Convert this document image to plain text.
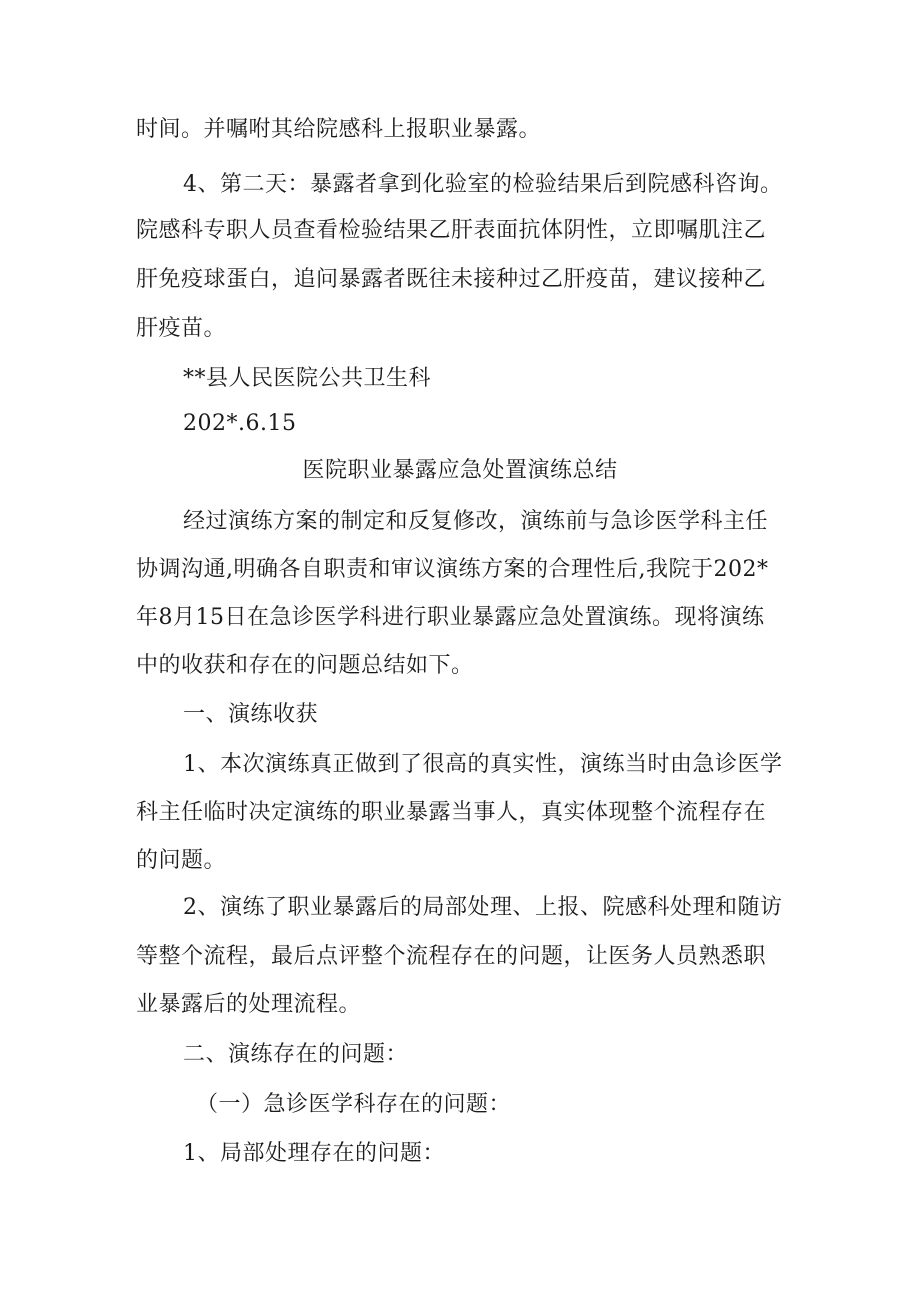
时间。并嘱咐其给院感科上报职业暴露。
4、第二天：暴露者拿到化验室的检验结果后到院感科咨询。
院感科专职人员查看检验结果乙肝表面抗体阴性，立即嘱肌注乙
肝免疫球蛋白，追问暴露者既往未接种过乙肝疫苗，建议接种乙
肝疫苗。
**县人民医院公共卫生科
202*.6.15
医院职业暴露应急处置演练总结
经过演练方案的制定和反复修改，演练前与急诊医学科主任
协调沟通,明确各自职责和审议演练方案的合理性后,我院于202*
年8月15日在急诊医学科进行职业暴露应急处置演练。现将演练
中的收获和存在的问题总结如下。
一、演练收获
1、本次演练真正做到了很高的真实性，演练当时由急诊医学
科主任临时决定演练的职业暴露当事人，真实体现整个流程存在
的问题。
2、演练了职业暴露后的局部处理、上报、院感科处理和随访
等整个流程，最后点评整个流程存在的问题，让医务人员熟悉职
业暴露后的处理流程。
二、演练存在的问题：
（一）急诊医学科存在的问题：
1、局部处理存在的问题：
